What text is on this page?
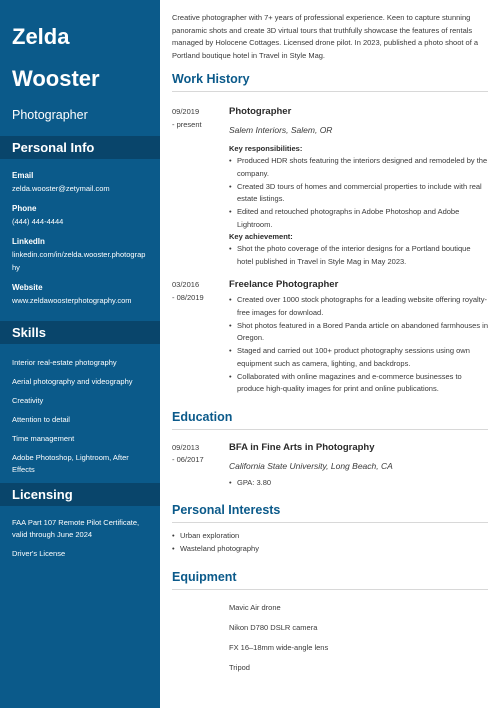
Zelda
Wooster
Photographer
Personal Info
Email
zelda.wooster@zetymail.com
Phone
(444) 444-4444
LinkedIn
linkedin.com/in/zelda.wooster.photography
Website
www.zeldawoosterphotography.com
Skills
Interior real-estate photography
Aerial photography and videography
Creativity
Attention to detail
Time management
Adobe Photoshop, Lightroom, After Effects
Licensing
FAA Part 107 Remote Pilot Certificate, valid through June 2024
Driver's License
Creative photographer with 7+ years of professional experience. Keen to capture stunning panoramic shots and create 3D virtual tours that truthfully showcase the features of rentals managed by Holocene Cottages. Licensed drone pilot. In 2023, published a photo shoot of a Portland boutique hotel in Travel in Style Mag.
Work History
09/2019
- present
Photographer
Salem Interiors, Salem, OR
Key responsibilities:
• Produced HDR shots featuring the interiors designed and remodeled by the company.
• Created 3D tours of homes and commercial properties to include with real estate listings.
• Edited and retouched photographs in Adobe Photoshop and Adobe Lightroom.
Key achievement:
• Shot the photo coverage of the interior designs for a Portland boutique hotel published in Travel in Style Mag in May 2023.
03/2016
- 08/2019
Freelance Photographer
• Created over 1000 stock photographs for a leading website offering royalty-free images for download.
• Shot photos featured in a Bored Panda article on abandoned farmhouses in Oregon.
• Staged and carried out 100+ product photography sessions using own equipment such as camera, lighting, and backdrops.
• Collaborated with online magazines and e-commerce businesses to produce high-quality images for print and online publications.
Education
09/2013
- 06/2017
BFA in Fine Arts in Photography
California State University, Long Beach, CA
• GPA: 3.80
Personal Interests
• Urban exploration
• Wasteland photography
Equipment
Mavic Air drone
Nikon D780 DSLR camera
FX 16–18mm wide-angle lens
Tripod
